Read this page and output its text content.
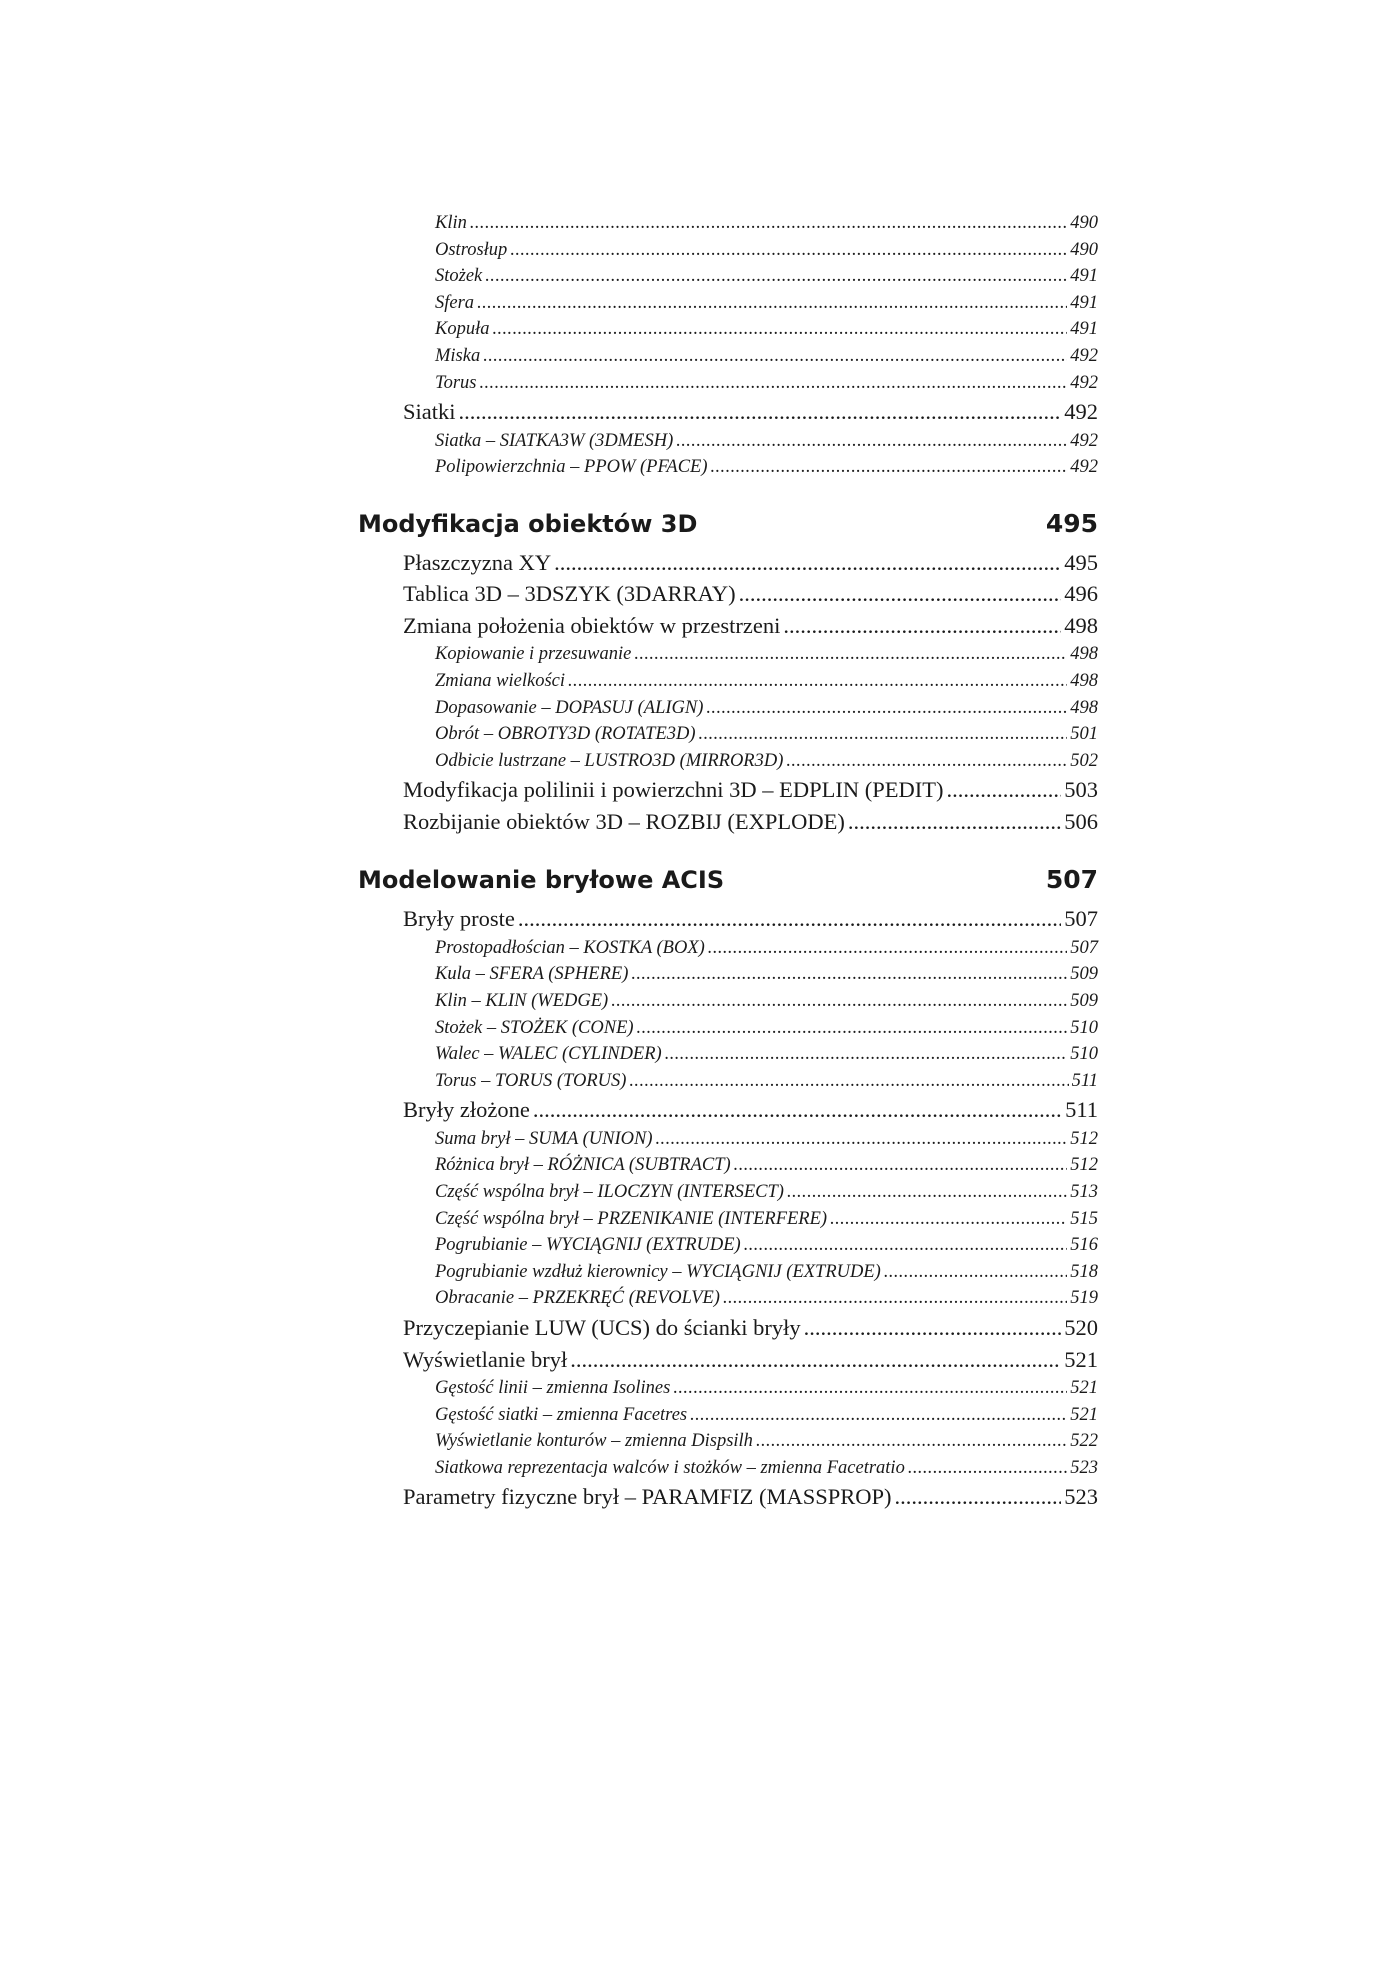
Klin .....	490
Ostrosłup .....	490
Stożek .....	491
Sfera .....	491
Kopuła .....	491
Miska .....	492
Torus .....	492
Siatki .....	492
Siatka – SIATKA3W (3DMESH) .....	492
Polipowierzchnia – PPOW (PFACE) .....	492
Modyfikacja obiektów 3D	495
Płaszczyzna XY .....	495
Tablica 3D – 3DSZYK (3DARRAY) .....	496
Zmiana położenia obiektów w przestrzeni .....	498
Kopiowanie i przesuwanie .....	498
Zmiana wielkości .....	498
Dopasowanie – DOPASUJ (ALIGN) .....	498
Obrót – OBROTY3D (ROTATE3D) .....	501
Odbicie lustrzane – LUSTRO3D (MIRROR3D) .....	502
Modyfikacja polilinii i powierzchni 3D – EDPLIN (PEDIT) .....	503
Rozbijanie obiektów 3D – ROZBIJ (EXPLODE) .....	506
Modelowanie bryłowe ACIS	507
Bryły proste .....	507
Prostopadłościan – KOSTKA (BOX) .....	507
Kula – SFERA (SPHERE) .....	509
Klin – KLIN (WEDGE) .....	509
Stożek – STOŻEK (CONE) .....	510
Walec – WALEC (CYLINDER) .....	510
Torus – TORUS (TORUS) .....	511
Bryły złożone .....	511
Suma brył – SUMA (UNION) .....	512
Różnica brył – RÓŻNICA (SUBTRACT) .....	512
Część wspólna brył – ILOCZYN (INTERSECT) .....	513
Część wspólna brył – PRZENIKANIE (INTERFERE) .....	515
Pogrubianie – WYCIĄGNIJ (EXTRUDE) .....	516
Pogrubianie wzdłuż kierownicy – WYCIĄGNIJ (EXTRUDE) .....	518
Obracanie – PRZEKRĘĆ (REVOLVE) .....	519
Przyczepianie LUW (UCS) do ścianki bryły .....	520
Wyświetlanie brył .....	521
Gęstość linii – zmienna Isolines .....	521
Gęstość siatki – zmienna Facetres .....	521
Wyświetlanie konturów – zmienna Dispsilh .....	522
Siatkowa reprezentacja walców i stożków – zmienna Facetratio .....	523
Parametry fizyczne brył – PARAMFIZ (MASSPROP) .....	523
